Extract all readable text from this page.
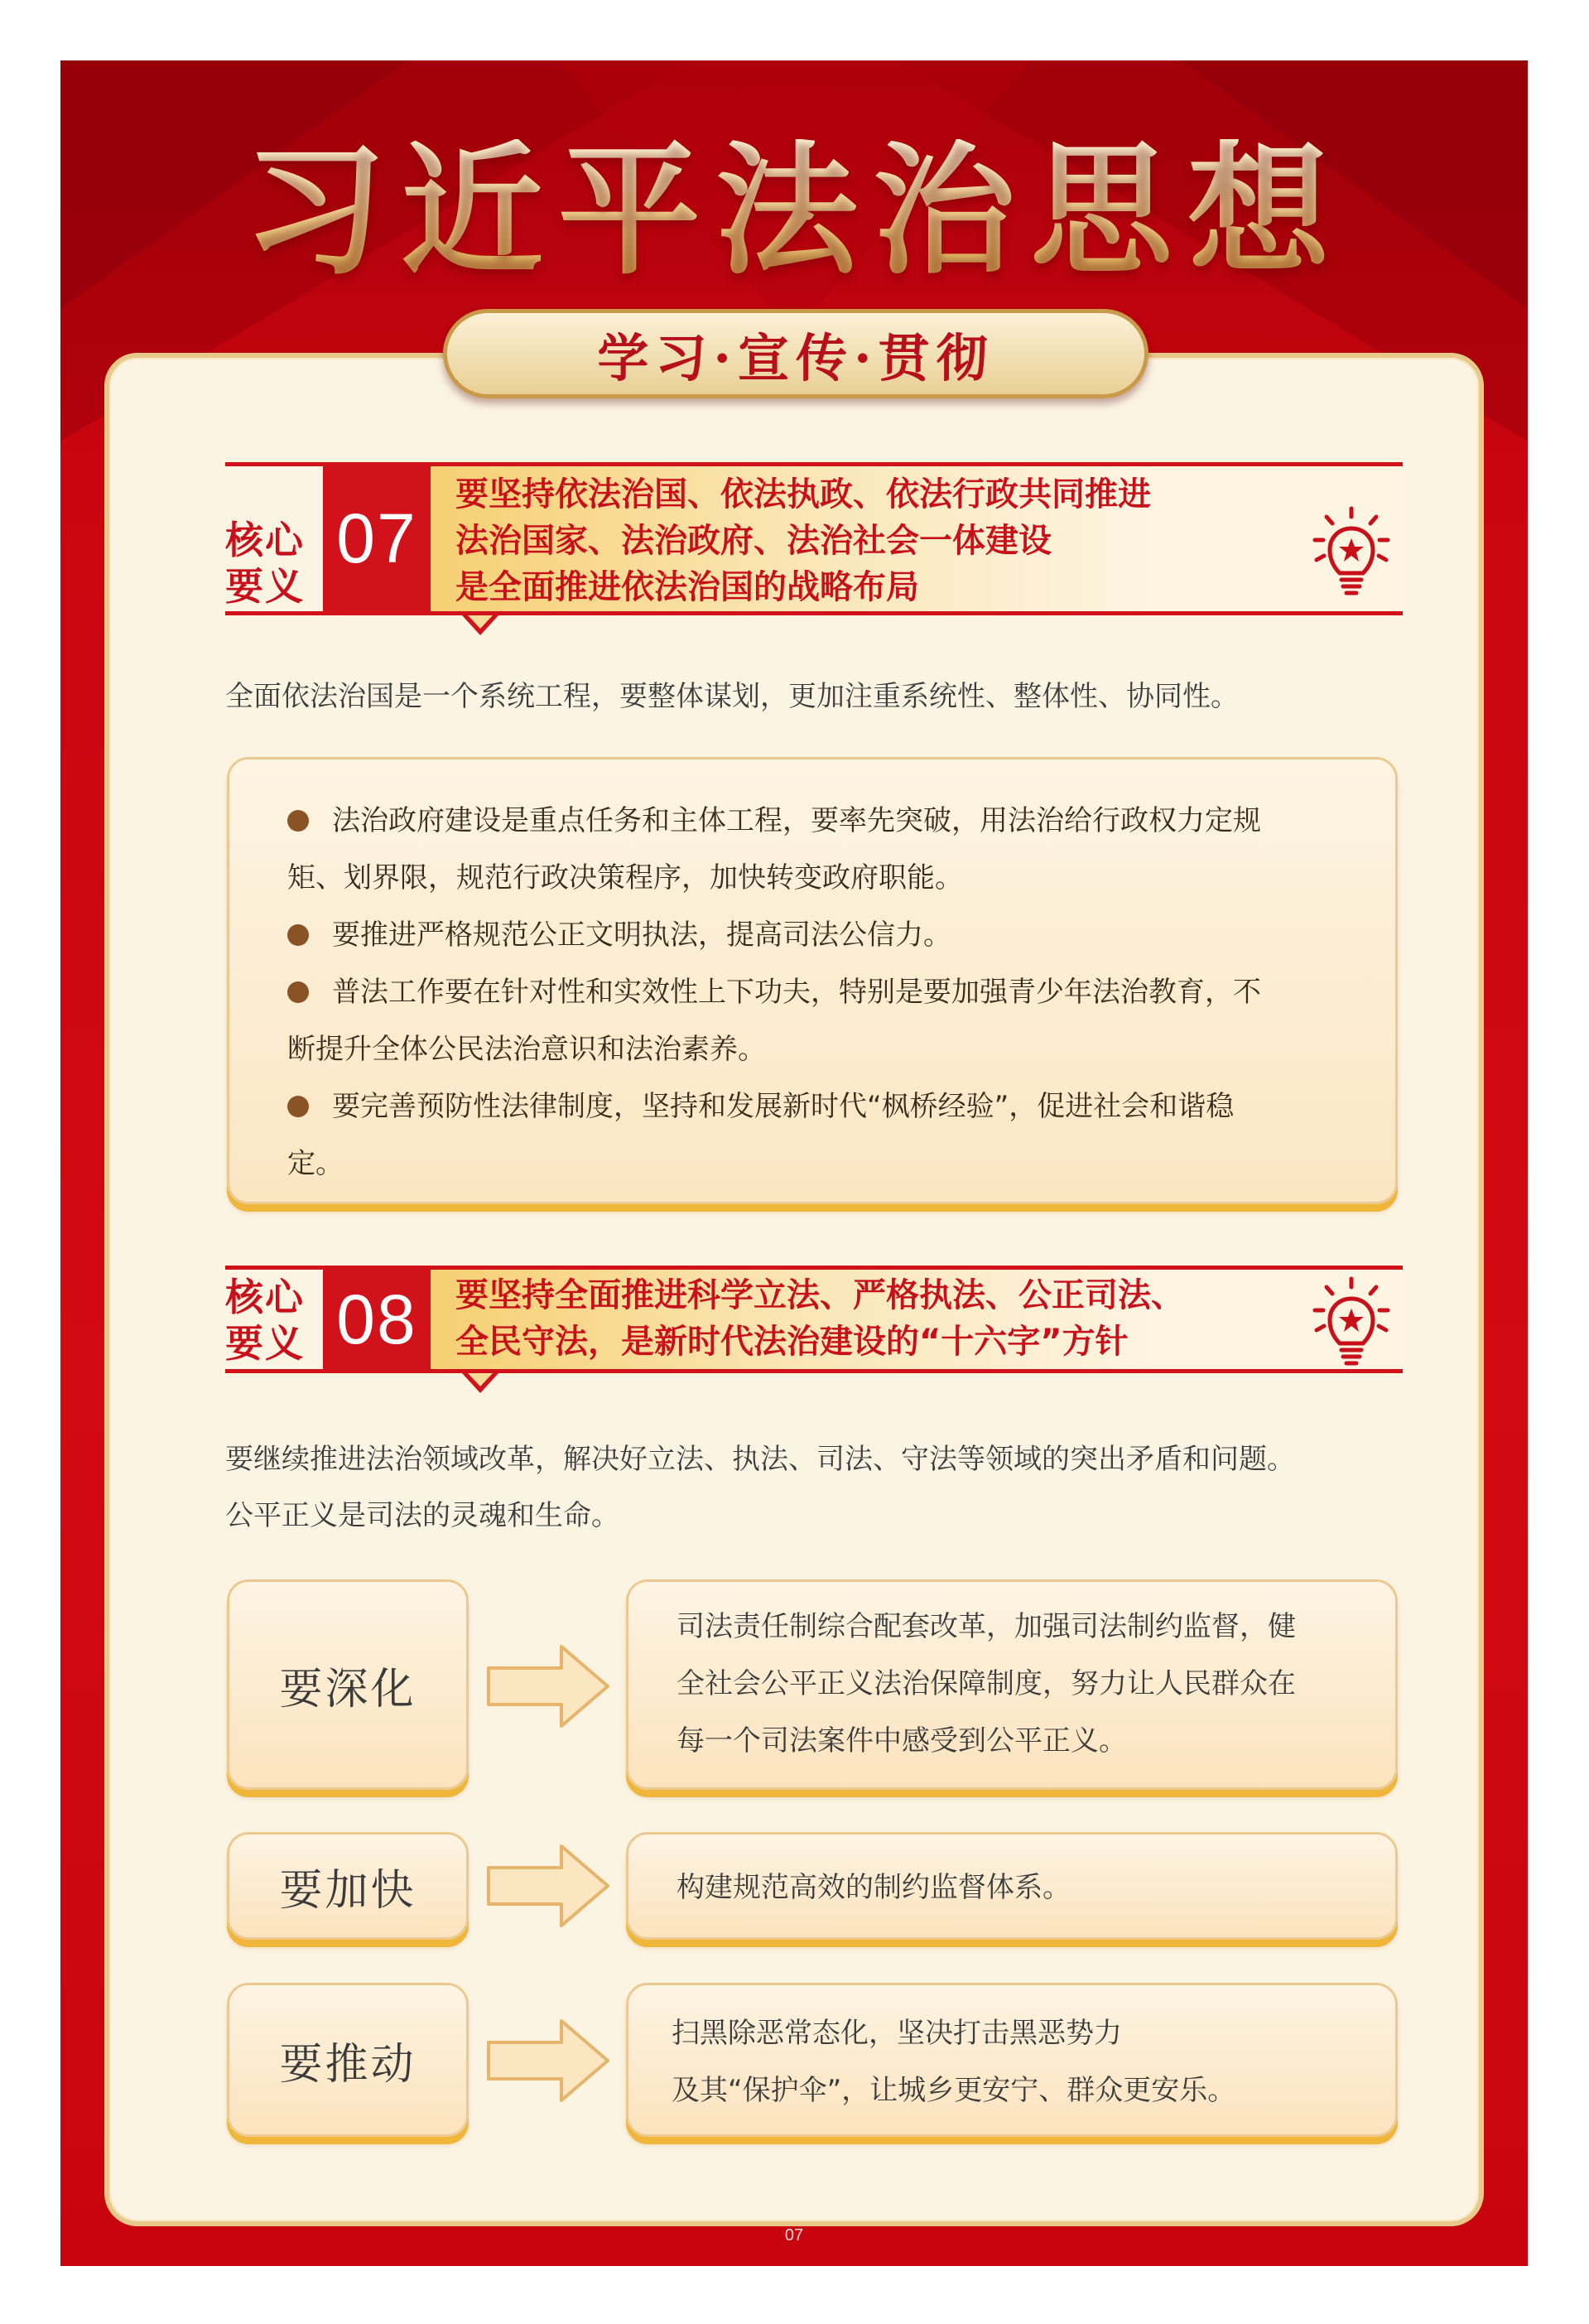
习近平法治思想
学习·宣传·贯彻
07
核心
要义
07
要坚持依法治国、依法执政、依法行政共同推进
法治国家、法治政府、法治社会一体建设
是全面推进依法治国的战略布局
全面依法治国是一个系统工程，要整体谋划，更加注重系统性、整体性、协同性。
法治政府建设是重点任务和主体工程，要率先突破，用法治给行政权力定规
矩、划界限，规范行政决策程序，加快转变政府职能。
要推进严格规范公正文明执法，提高司法公信力。
普法工作要在针对性和实效性上下功夫，特别是要加强青少年法治教育，不
断提升全体公民法治意识和法治素养。
要完善预防性法律制度，坚持和发展新时代“枫桥经验”，促进社会和谐稳
定。
核心
要义 08 要坚持全面推进科学立法、严格执法、公正司法、
全民守法，是新时代法治建设的“十六字”方针
要继续推进法治领域改革，解决好立法、执法、司法、守法等领域的突出矛盾和问题。
公平正义是司法的灵魂和生命。
要深化
司法责任制综合配套改革，加强司法制约监督，健
全社会公平正义法治保障制度，努力让人民群众在
每一个司法案件中感受到公平正义。
要加快	构建规范高效的制约监督体系。
要推动
扫黑除恶常态化，坚决打击黑恶势力
及其“保护伞”，让城乡更安宁、群众更安乐。
